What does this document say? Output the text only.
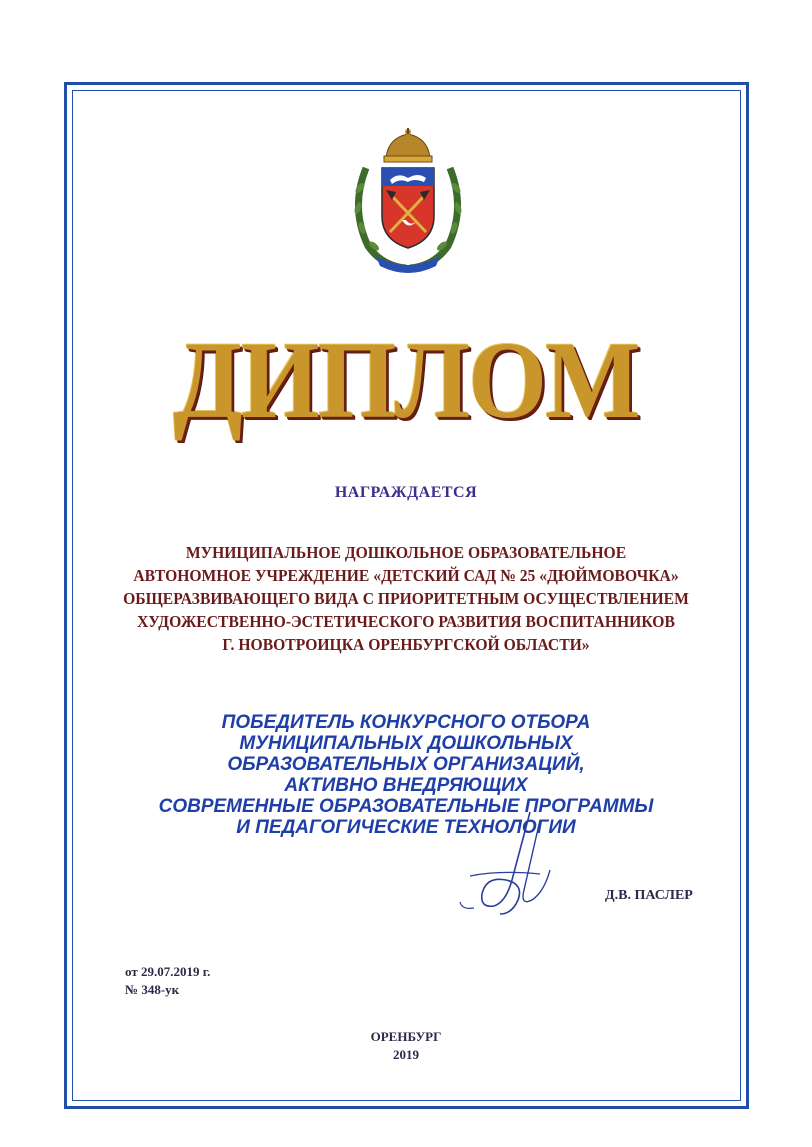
ДИПЛОМ
НАГРАЖДАЕТСЯ
МУНИЦИПАЛЬНОЕ ДОШКОЛЬНОЕ ОБРАЗОВАТЕЛЬНОЕ
АВТОНОМНОЕ УЧРЕЖДЕНИЕ «ДЕТСКИЙ САД № 25 «ДЮЙМОВОЧКА»
ОБЩЕРАЗВИВАЮЩЕГО ВИДА С ПРИОРИТЕТНЫМ ОСУЩЕСТВЛЕНИЕМ
ХУДОЖЕСТВЕННО-ЭСТЕТИЧЕСКОГО РАЗВИТИЯ ВОСПИТАННИКОВ
Г. НОВОТРОИЦКА ОРЕНБУРГСКОЙ ОБЛАСТИ»
ПОБЕДИТЕЛЬ КОНКУРСНОГО ОТБОРА
МУНИЦИПАЛЬНЫХ ДОШКОЛЬНЫХ
ОБРАЗОВАТЕЛЬНЫХ ОРГАНИЗАЦИЙ,
АКТИВНО ВНЕДРЯЮЩИХ
СОВРЕМЕННЫЕ ОБРАЗОВАТЕЛЬНЫЕ ПРОГРАММЫ
И ПЕДАГОГИЧЕСКИЕ ТЕХНОЛОГИИ
Д.В. ПАСЛЕР
от 29.07.2019 г.
№ 348-ук
ОРЕНБУРГ
2019
